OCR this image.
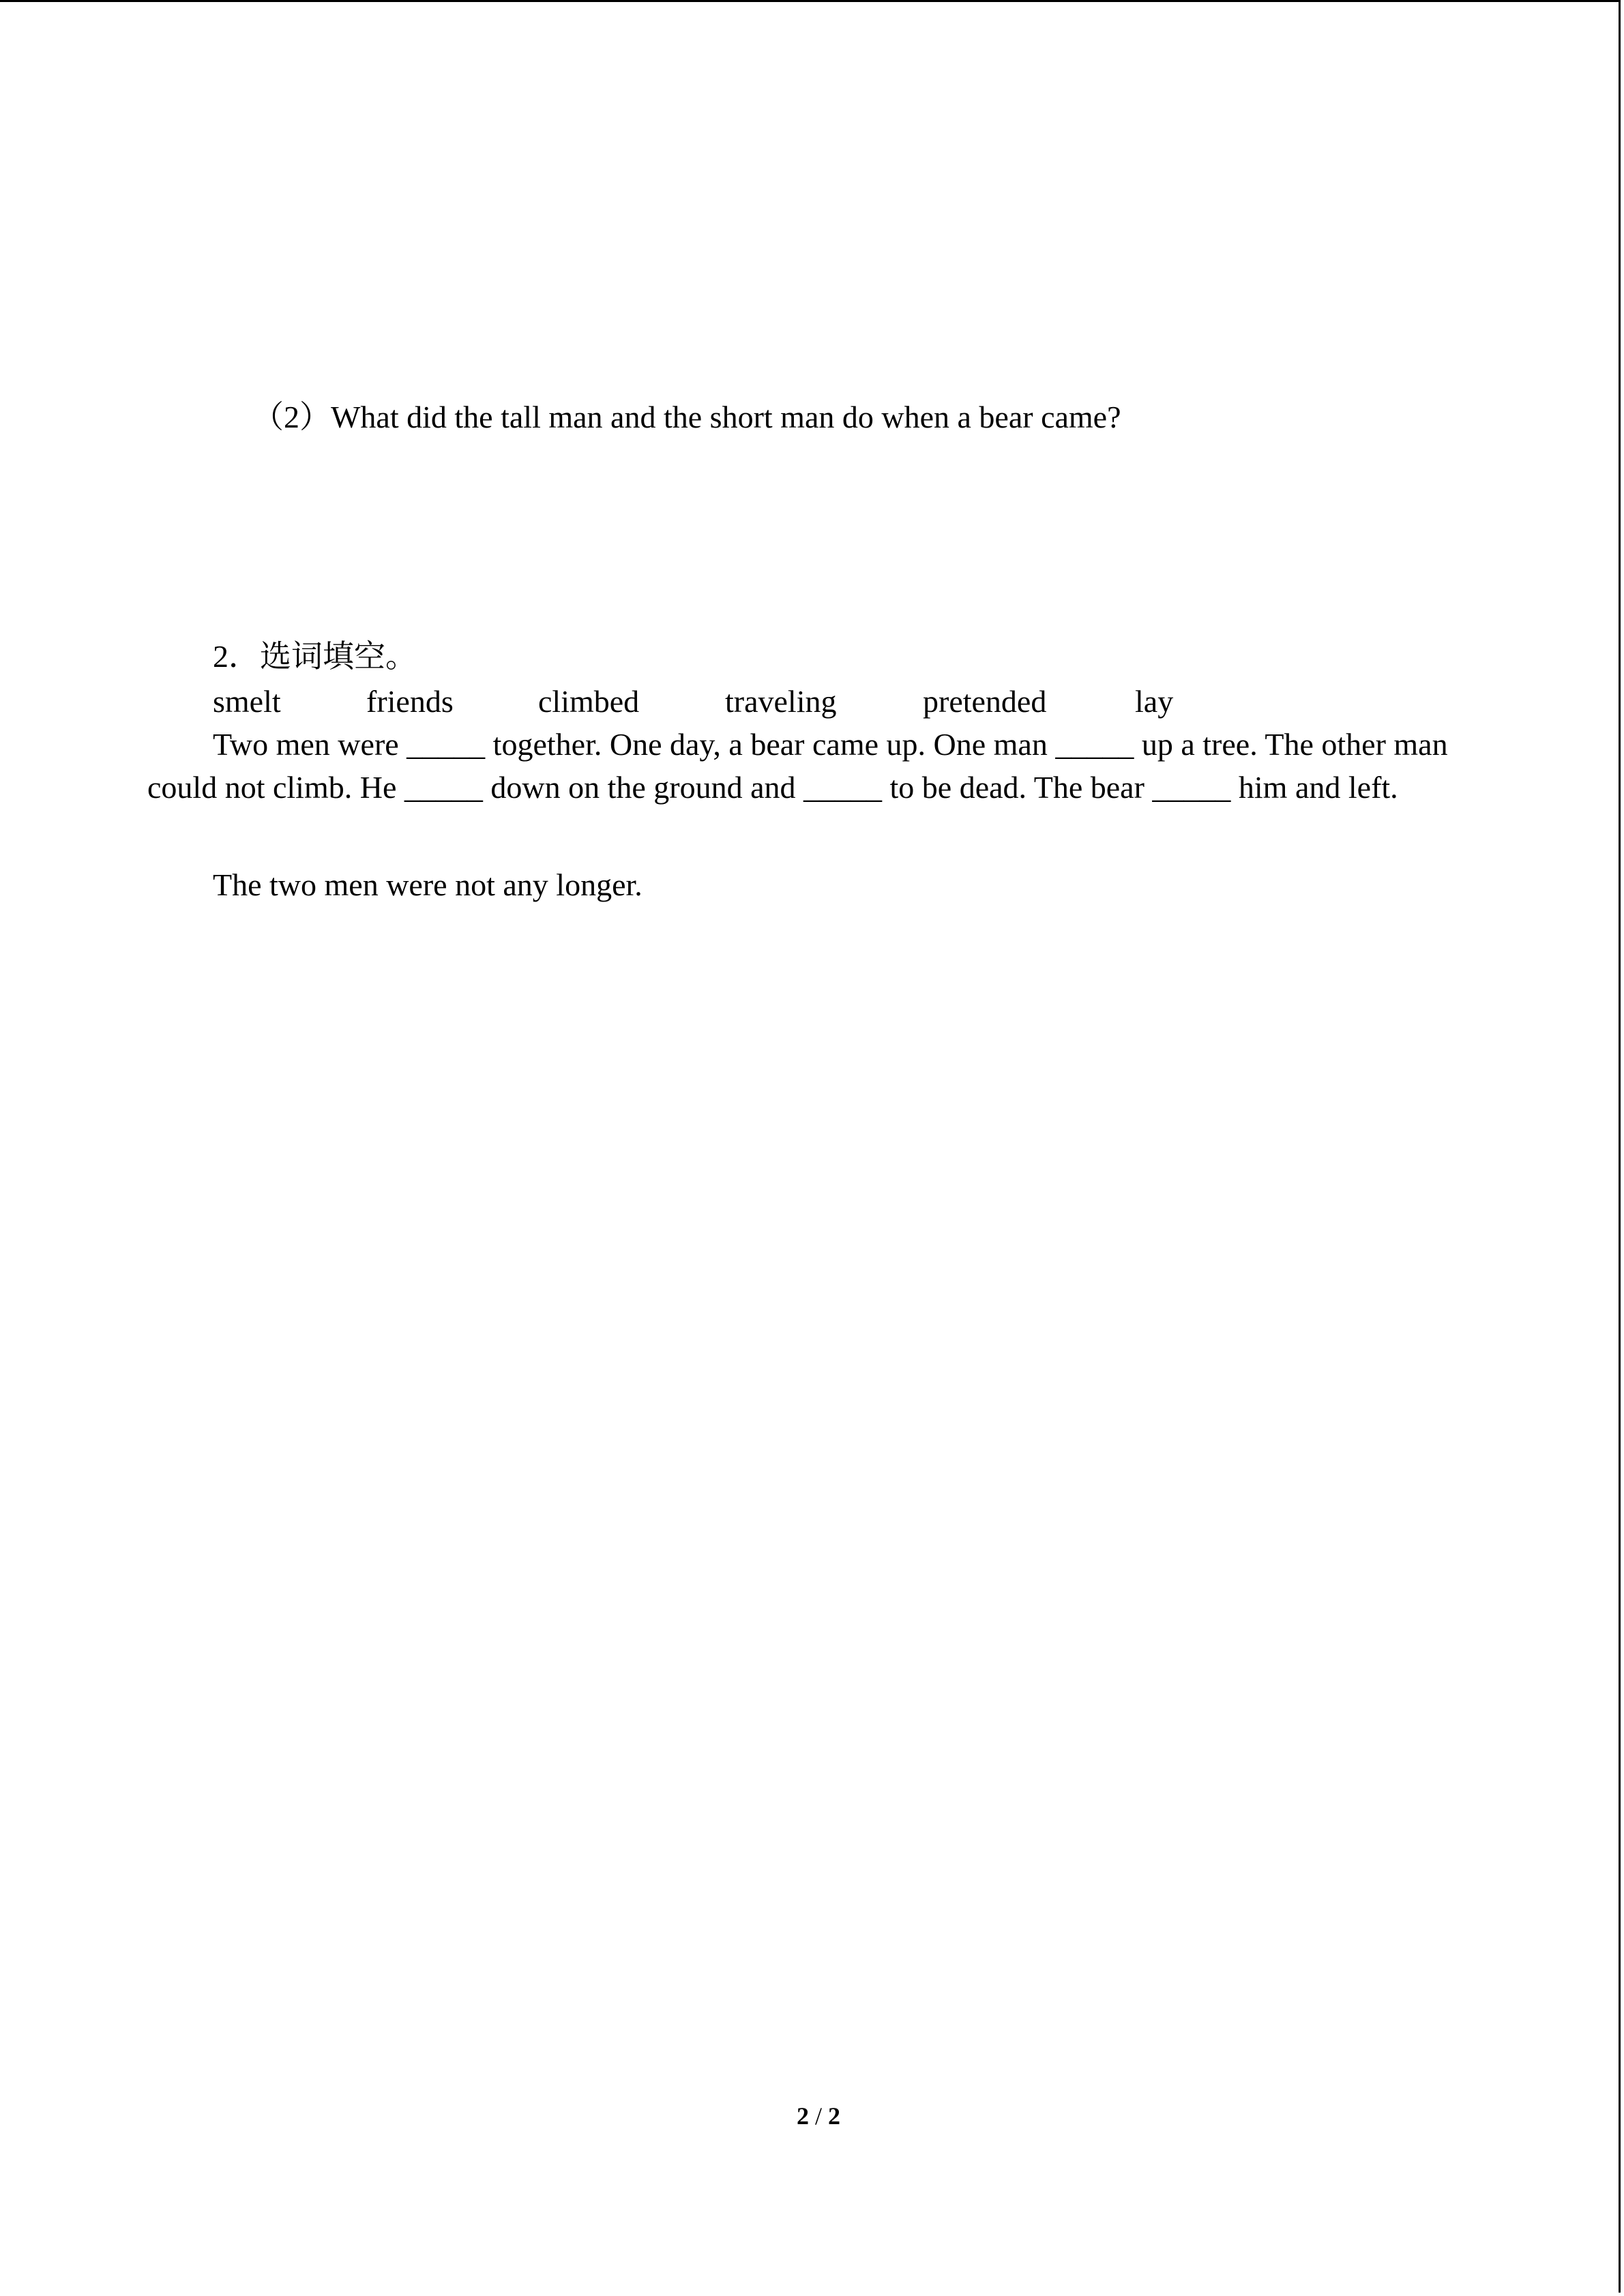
（2）What did the tall man and the short man do when a bear came?
2．选词填空。
smelt	friends	climbed	traveling	pretended	lay

Two men were _____ together. One day, a bear came up. One man _____ up a tree. The other man could not climb. He _____ down on the ground and _____ to be dead. The bear _____ him and left.

The two men were not any longer.
2 / 2
